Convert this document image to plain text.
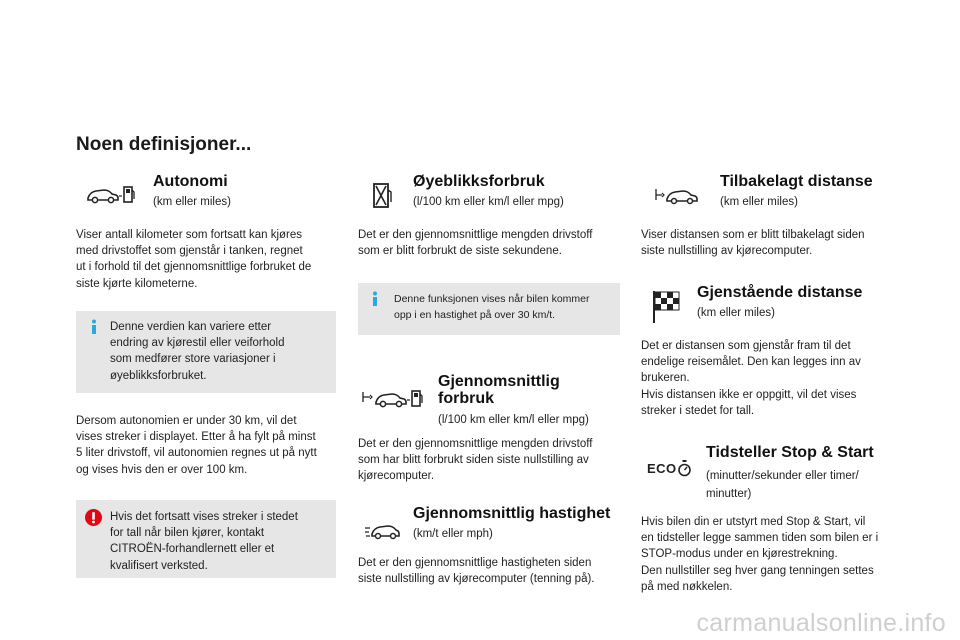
Noen definisjoner...
Autonomi
(km eller miles)
Viser antall kilometer som fortsatt kan kjøres
med drivstoffet som gjenstår i tanken, regnet
ut i forhold til det gjennomsnittlige forbruket de
siste kjørte kilometerne.
Denne verdien kan variere etter
endring av kjørestil eller veiforhold
som medfører store variasjoner i
øyeblikksforbruket.
Dersom autonomien er under 30 km, vil det
vises streker i displayet. Etter å ha fylt på minst
5 liter drivstoff, vil autonomien regnes ut på nytt
og vises hvis den er over 100 km.
Hvis det fortsatt vises streker i stedet
for tall når bilen kjører, kontakt
CITROËN-forhandlernett eller et
kvalifisert verksted.
Øyeblikksforbruk
(l/100 km eller km/l eller mpg)
Det er den gjennomsnittlige mengden drivstoff
som er blitt forbrukt de siste sekundene.
Denne funksjonen vises når bilen kommer
opp i en hastighet på over 30 km/t.
Gjennomsnittlig
forbruk
(l/100 km eller km/l eller mpg)
Det er den gjennomsnittlige mengden drivstoff
som har blitt forbrukt siden siste nullstilling av
kjørecomputer.
Gjennomsnittlig hastighet
(km/t eller mph)
Det er den gjennomsnittlige hastigheten siden
siste nullstilling av kjørecomputer (tenning på).
Tilbakelagt distanse
(km eller miles)
Viser distansen som er blitt tilbakelagt siden
siste nullstilling av kjørecomputer.
Gjenstående distanse
(km eller miles)
Det er distansen som gjenstår fram til det
endelige reisemålet. Den kan legges inn av
brukeren.
Hvis distansen ikke er oppgitt, vil det vises
streker i stedet for tall.
ECO
Tidsteller Stop & Start
(minutter/sekunder eller timer/
minutter)
Hvis bilen din er utstyrt med Stop & Start, vil
en tidsteller legge sammen tiden som bilen er i
STOP-modus under en kjørestrekning.
Den nullstiller seg hver gang tenningen settes
på med nøkkelen.
carmanualsonline.info
